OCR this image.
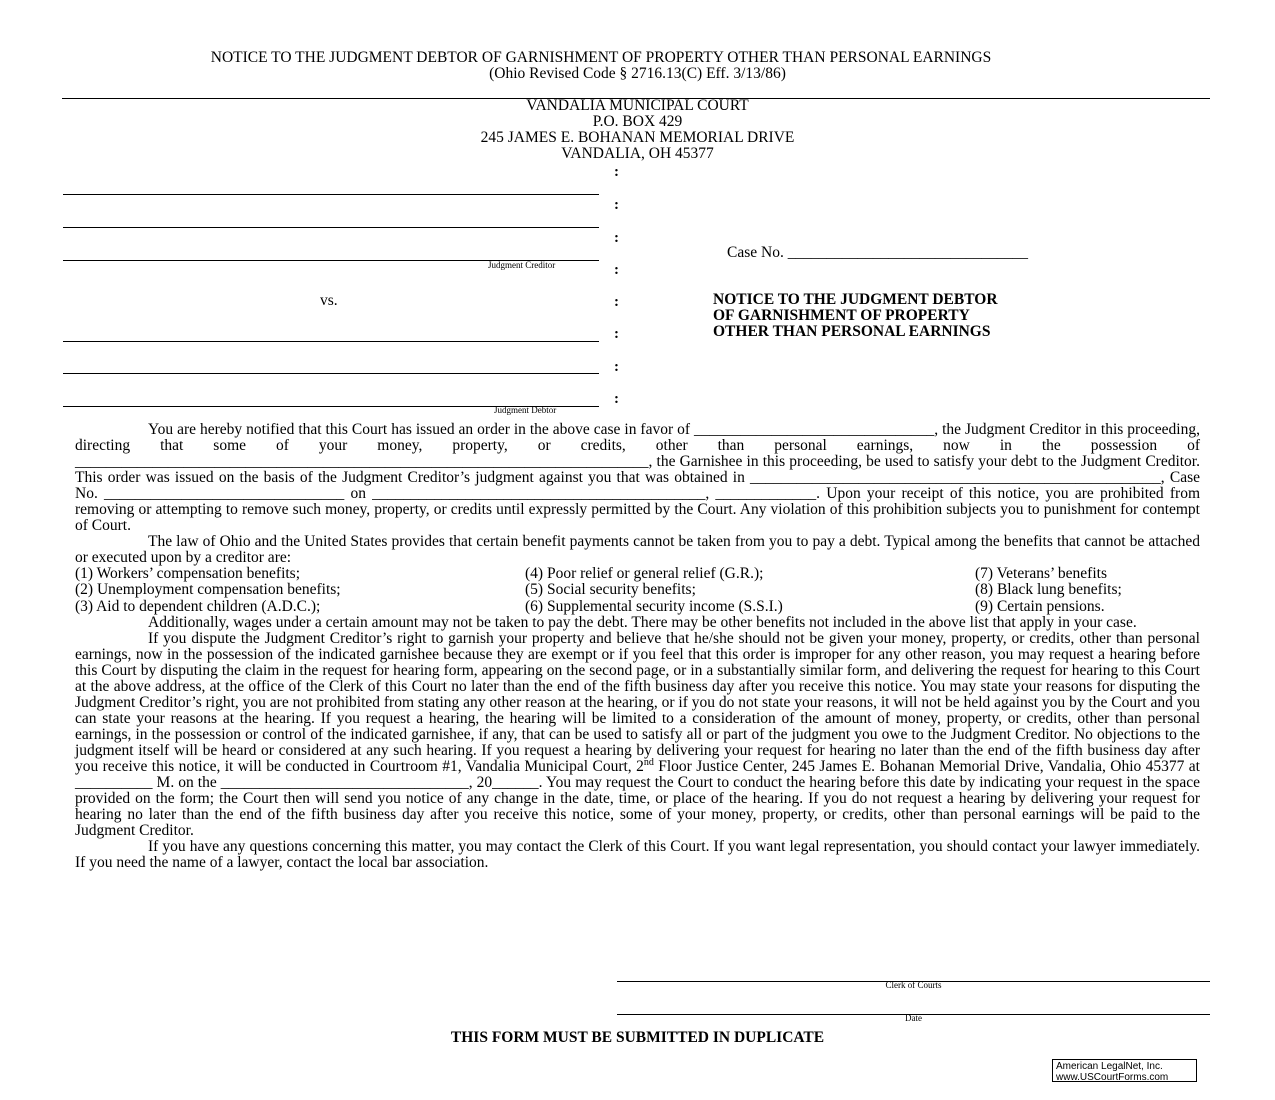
NOTICE TO THE JUDGMENT DEBTOR OF GARNISHMENT OF PROPERTY OTHER THAN PERSONAL EARNINGS
(Ohio Revised Code § 2716.13(C) Eff. 3/13/86)
VANDALIA MUNICIPAL COURT
P.O. BOX 429
245 JAMES E. BOHANAN MEMORIAL DRIVE
VANDALIA, OH 45377
Judgment Creditor
vs.
Judgment Debtor
:
:
:
:
:
:
:
:
Case No. _______________________________
NOTICE TO THE JUDGMENT DEBTOR
OF GARNISHMENT OF PROPERTY
OTHER THAN PERSONAL EARNINGS

You are hereby notified that this Court has issued an order in the above case in favor of _______________________________, the Judgment Creditor in this proceeding, directing that some of your money, property, or credits, other than personal earnings, now in the possession of __________________________________________________________________________, the Garnishee in this proceeding, be used to satisfy your debt to the Judgment Creditor. This order was issued on the basis of the Judgment Creditor’s judgment against you that was obtained in _____________________________________________________, Case No. _______________________________ on ___________________________________________, _____________. Upon your receipt of this notice, you are prohibited from removing or attempting to remove such money, property, or credits until expressly permitted by the Court. Any violation of this prohibition subjects you to punishment for contempt of Court.

The law of Ohio and the United States provides that certain benefit payments cannot be taken from you to pay a debt. Typical among the benefits that cannot be attached or executed upon by a creditor are:

(1) Workers’ compensation benefits;	(4) Poor relief or general relief (G.R.);	(7) Veterans’ benefits
(2) Unemployment compensation benefits;	(5) Social security benefits;	(8) Black lung benefits;
(3) Aid to dependent children (A.D.C.);	(6) Supplemental security income (S.S.I.)	(9) Certain pensions.

Additionally, wages under a certain amount may not be taken to pay the debt. There may be other benefits not included in the above list that apply in your case.

If you dispute the Judgment Creditor’s right to garnish your property and believe that he/she should not be given your money, property, or credits, other than personal earnings, now in the possession of the indicated garnishee because they are exempt or if you feel that this order is improper for any other reason, you may request a hearing before this Court by disputing the claim in the request for hearing form, appearing on the second page, or in a substantially similar form, and delivering the request for hearing to this Court at the above address, at the office of the Clerk of this Court no later than the end of the fifth business day after you receive this notice. You may state your reasons for disputing the Judgment Creditor’s right, you are not prohibited from stating any other reason at the hearing, or if you do not state your reasons, it will not be held against you by the Court and you can state your reasons at the hearing. If you request a hearing, the hearing will be limited to a consideration of the amount of money, property, or credits, other than personal earnings, in the possession or control of the indicated garnishee, if any, that can be used to satisfy all or part of the judgment you owe to the Judgment Creditor. No objections to the judgment itself will be heard or considered at any such hearing. If you request a hearing by delivering your request for hearing no later than the end of the fifth business day after you receive this notice, it will be conducted in Courtroom #1, Vandalia Municipal Court, 2nd Floor Justice Center, 245 James E. Bohanan Memorial Drive, Vandalia, Ohio 45377 at __________ M. on the ________________________________, 20______. You may request the Court to conduct the hearing before this date by indicating your request in the space provided on the form; the Court then will send you notice of any change in the date, time, or place of the hearing. If you do not request a hearing by delivering your request for hearing no later than the end of the fifth business day after you receive this notice, some of your money, property, or credits, other than personal earnings will be paid to the Judgment Creditor.

If you have any questions concerning this matter, you may contact the Clerk of this Court. If you want legal representation, you should contact your lawyer immediately. If you need the name of a lawyer, contact the local bar association.

Clerk of Courts
Date
THIS FORM MUST BE SUBMITTED IN DUPLICATE
American LegalNet, Inc.
www.USCourtForms.com
